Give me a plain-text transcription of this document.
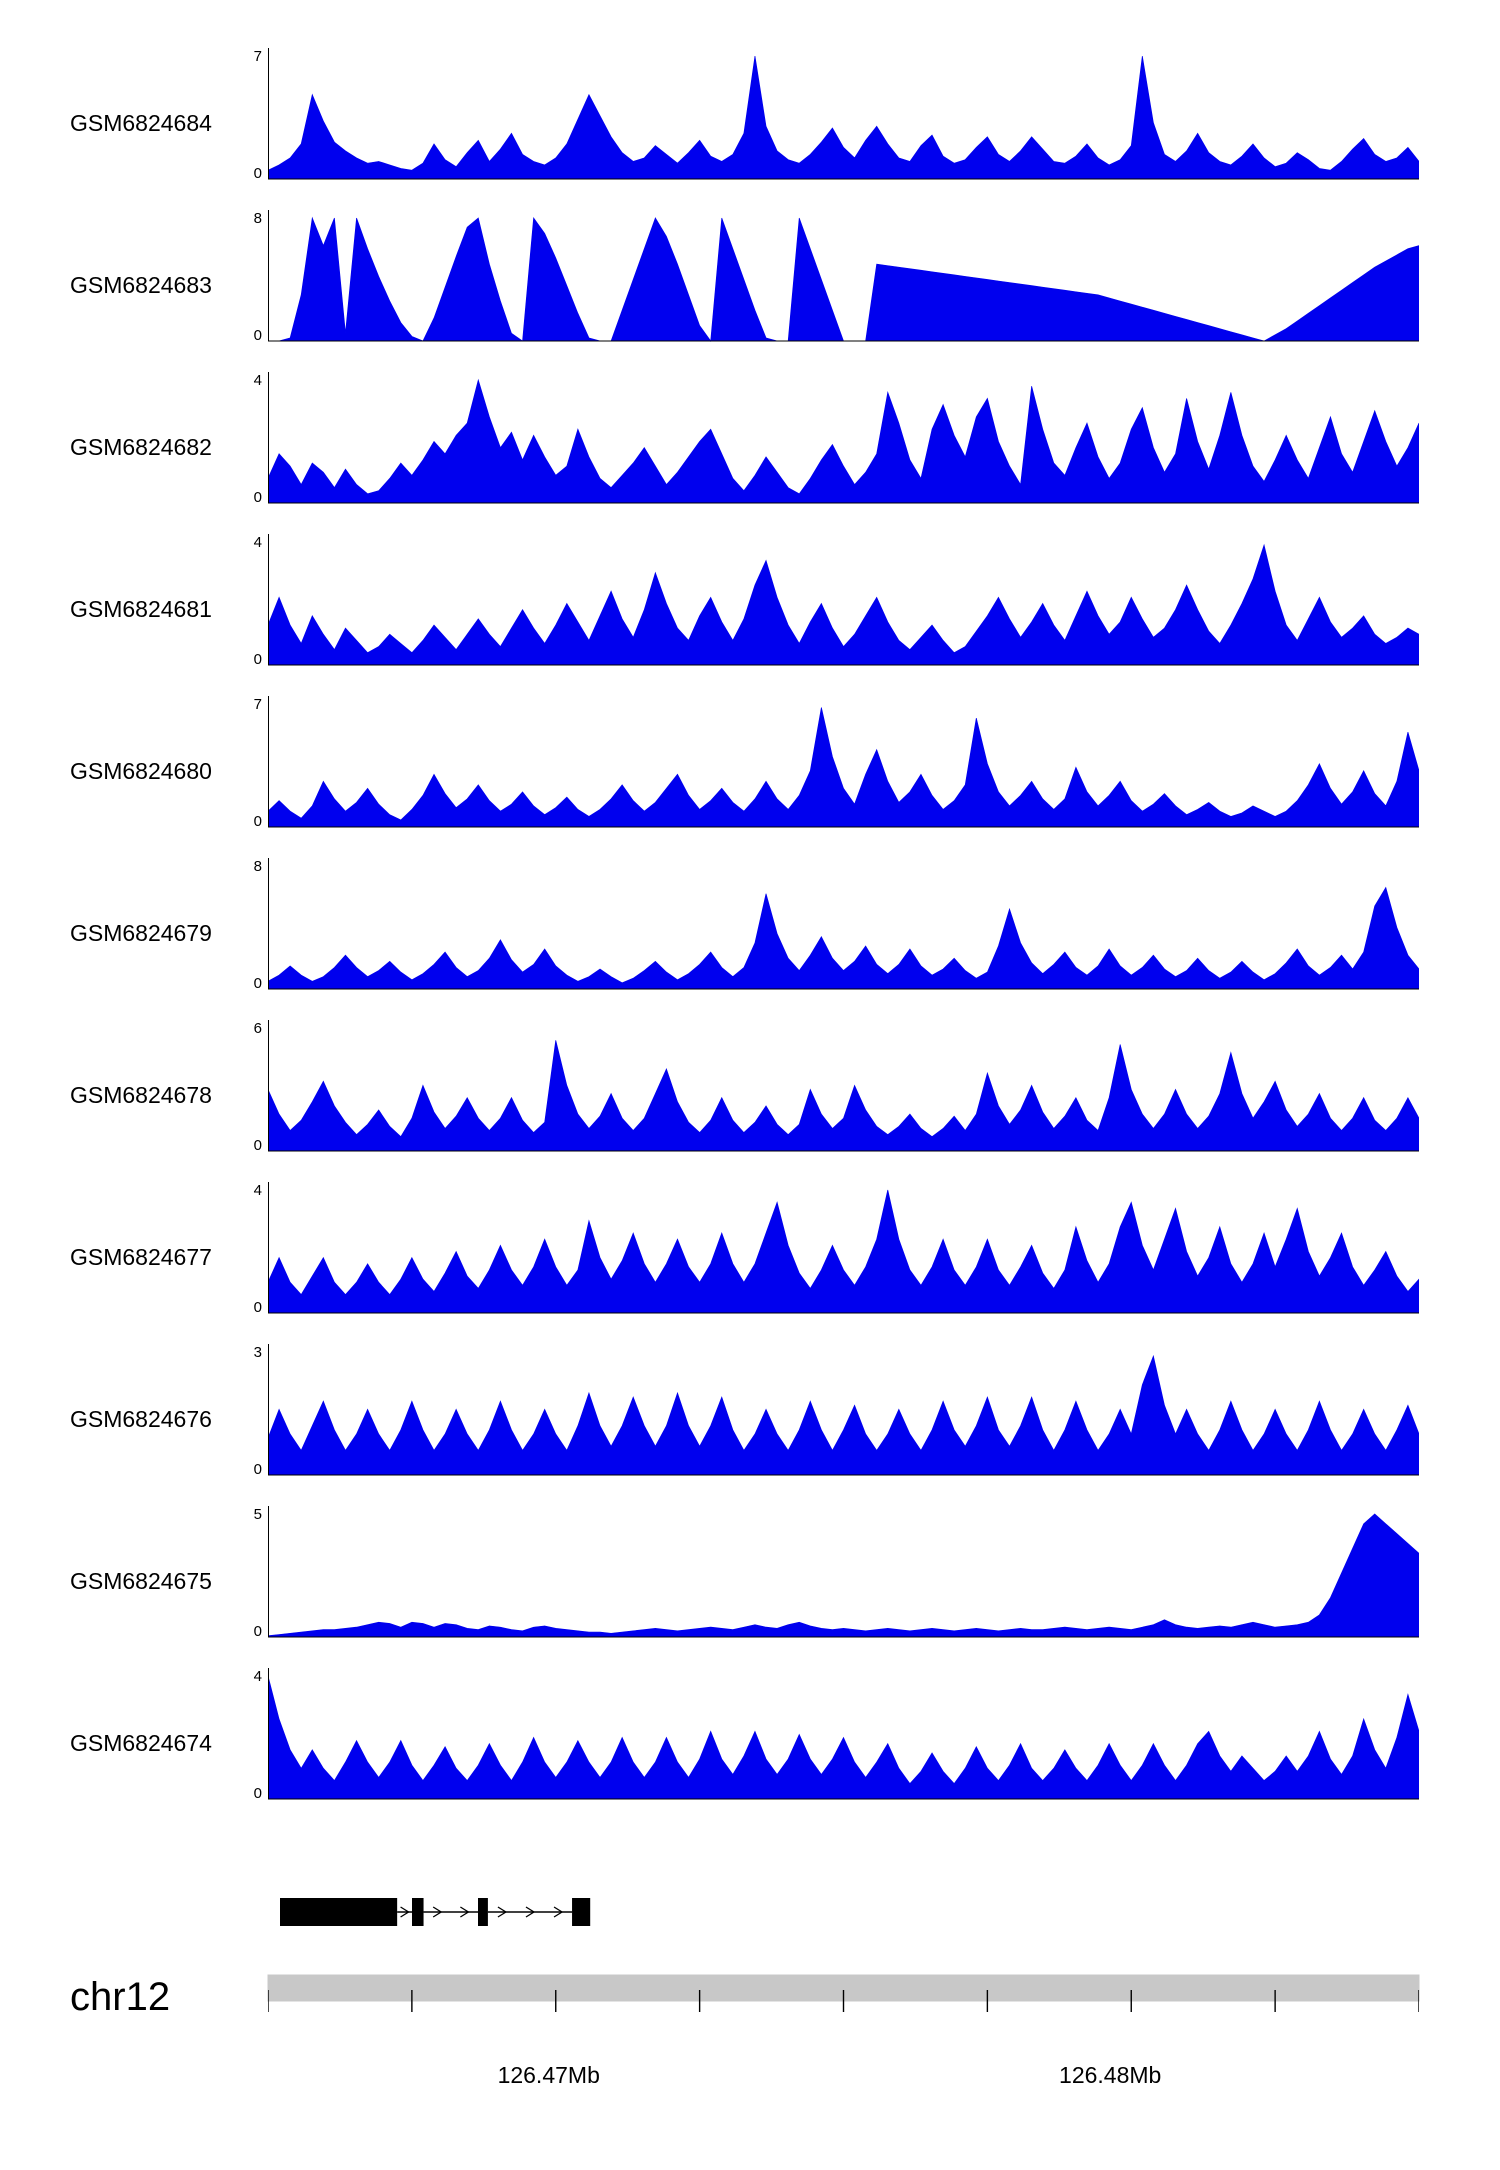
GSM6824684
7
0
GSM6824683
8
0
GSM6824682
4
0
GSM6824681
4
0
GSM6824680
7
0
GSM6824679
8
0
GSM6824678
6
0
GSM6824677
4
0
GSM6824676
3
0
GSM6824675
5
0
GSM6824674
4
0
chr12
126.47Mb	126.48Mb
